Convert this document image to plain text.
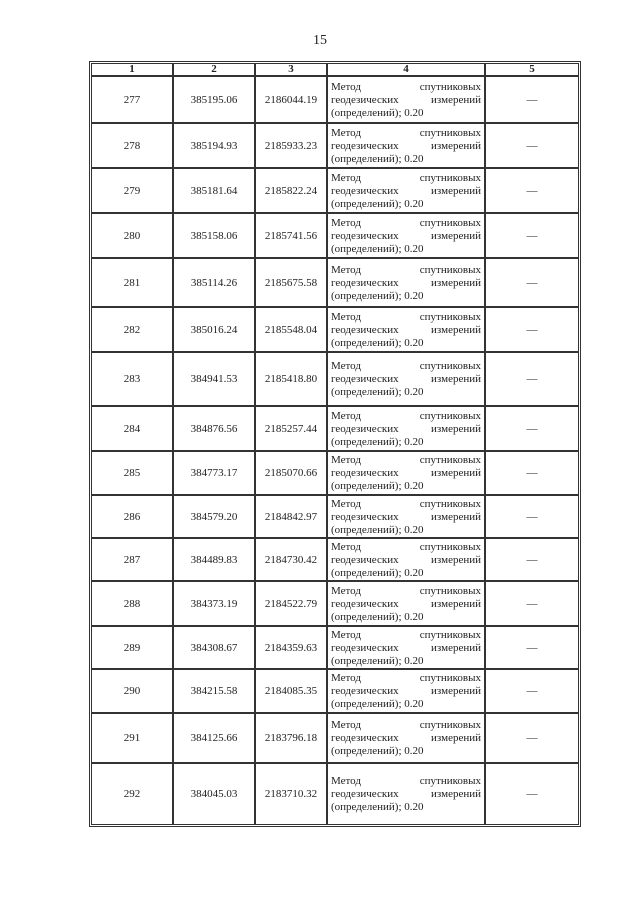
15
1	2	3	4	5
277	385195.06	2186044.19	Метод спутниковых
геодезических измерений
(определений); 0.20	—
278	385194.93	2185933.23	Метод спутниковых
геодезических измерений
(определений); 0.20	—
279	385181.64	2185822.24	Метод спутниковых
геодезических измерений
(определений); 0.20	—
280	385158.06	2185741.56	Метод спутниковых
геодезических измерений
(определений); 0.20	—
281	385114.26	2185675.58	Метод спутниковых
геодезических измерений
(определений); 0.20	—
282	385016.24	2185548.04	Метод спутниковых
геодезических измерений
(определений); 0.20	—
283	384941.53	2185418.80	Метод спутниковых
геодезических измерений
(определений); 0.20	—
284	384876.56	2185257.44	Метод спутниковых
геодезических измерений
(определений); 0.20	—
285	384773.17	2185070.66	Метод спутниковых
геодезических измерений
(определений); 0.20	—
286	384579.20	2184842.97	Метод спутниковых
геодезических измерений
(определений); 0.20	—
287	384489.83	2184730.42	Метод спутниковых
геодезических измерений
(определений); 0.20	—
288	384373.19	2184522.79	Метод спутниковых
геодезических измерений
(определений); 0.20	—
289	384308.67	2184359.63	Метод спутниковых
геодезических измерений
(определений); 0.20	—
290	384215.58	2184085.35	Метод спутниковых
геодезических измерений
(определений); 0.20	—
291	384125.66	2183796.18	Метод спутниковых
геодезических измерений
(определений); 0.20	—
292	384045.03	2183710.32	Метод спутниковых
геодезических измерений
(определений); 0.20	—
